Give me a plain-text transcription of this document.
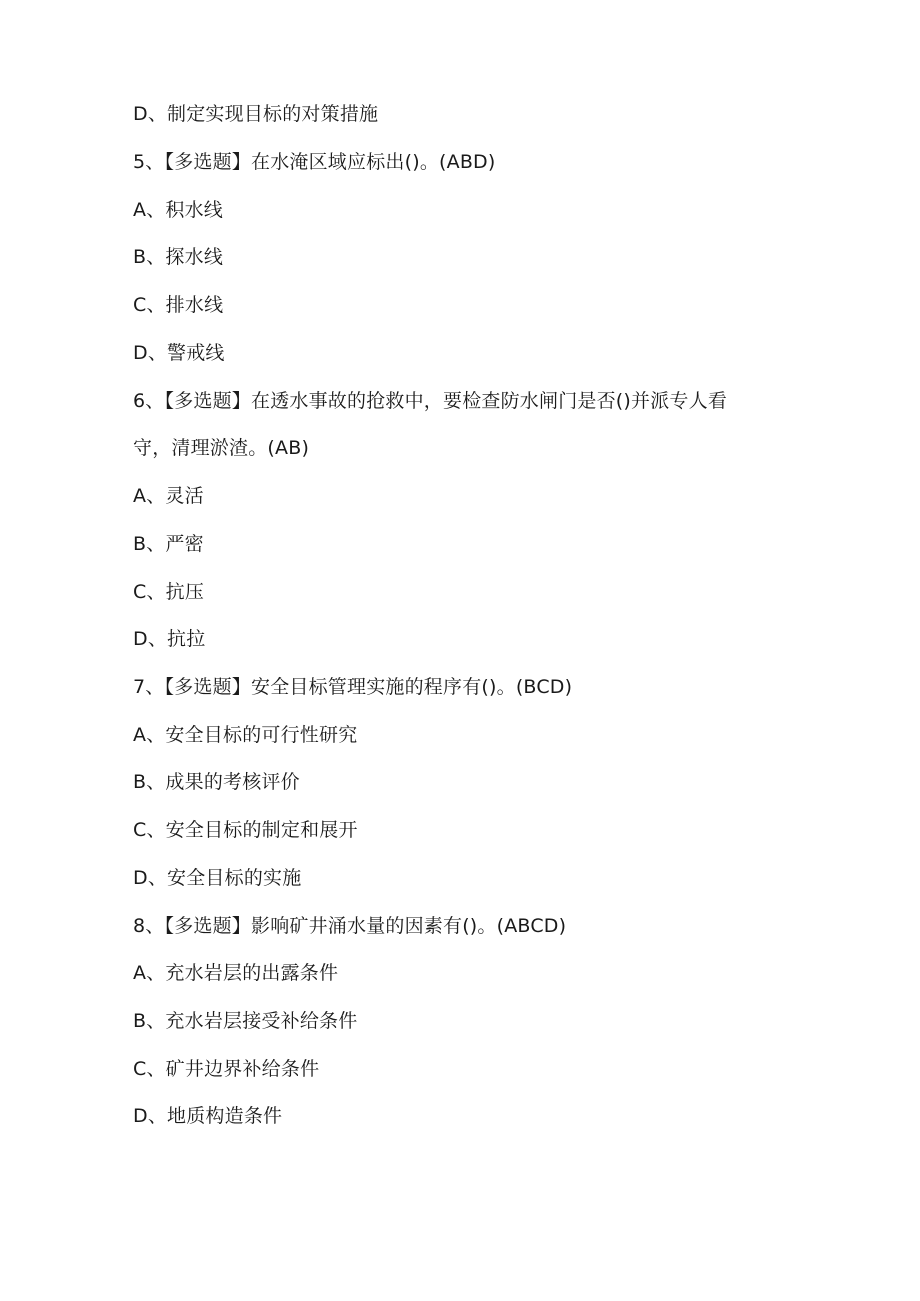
D、制定实现目标的对策措施
5、【多选题】在水淹区域应标出()。(ABD)
A、积水线
B、探水线
C、排水线
D、警戒线
6、【多选题】在透水事故的抢救中，要检查防水闸门是否()并派专人看
守，清理淤渣。(AB)
A、灵活
B、严密
C、抗压
D、抗拉
7、【多选题】安全目标管理实施的程序有()。(BCD)
A、安全目标的可行性研究
B、成果的考核评价
C、安全目标的制定和展开
D、安全目标的实施
8、【多选题】影响矿井涌水量的因素有()。(ABCD)
A、充水岩层的出露条件
B、充水岩层接受补给条件
C、矿井边界补给条件
D、地质构造条件
